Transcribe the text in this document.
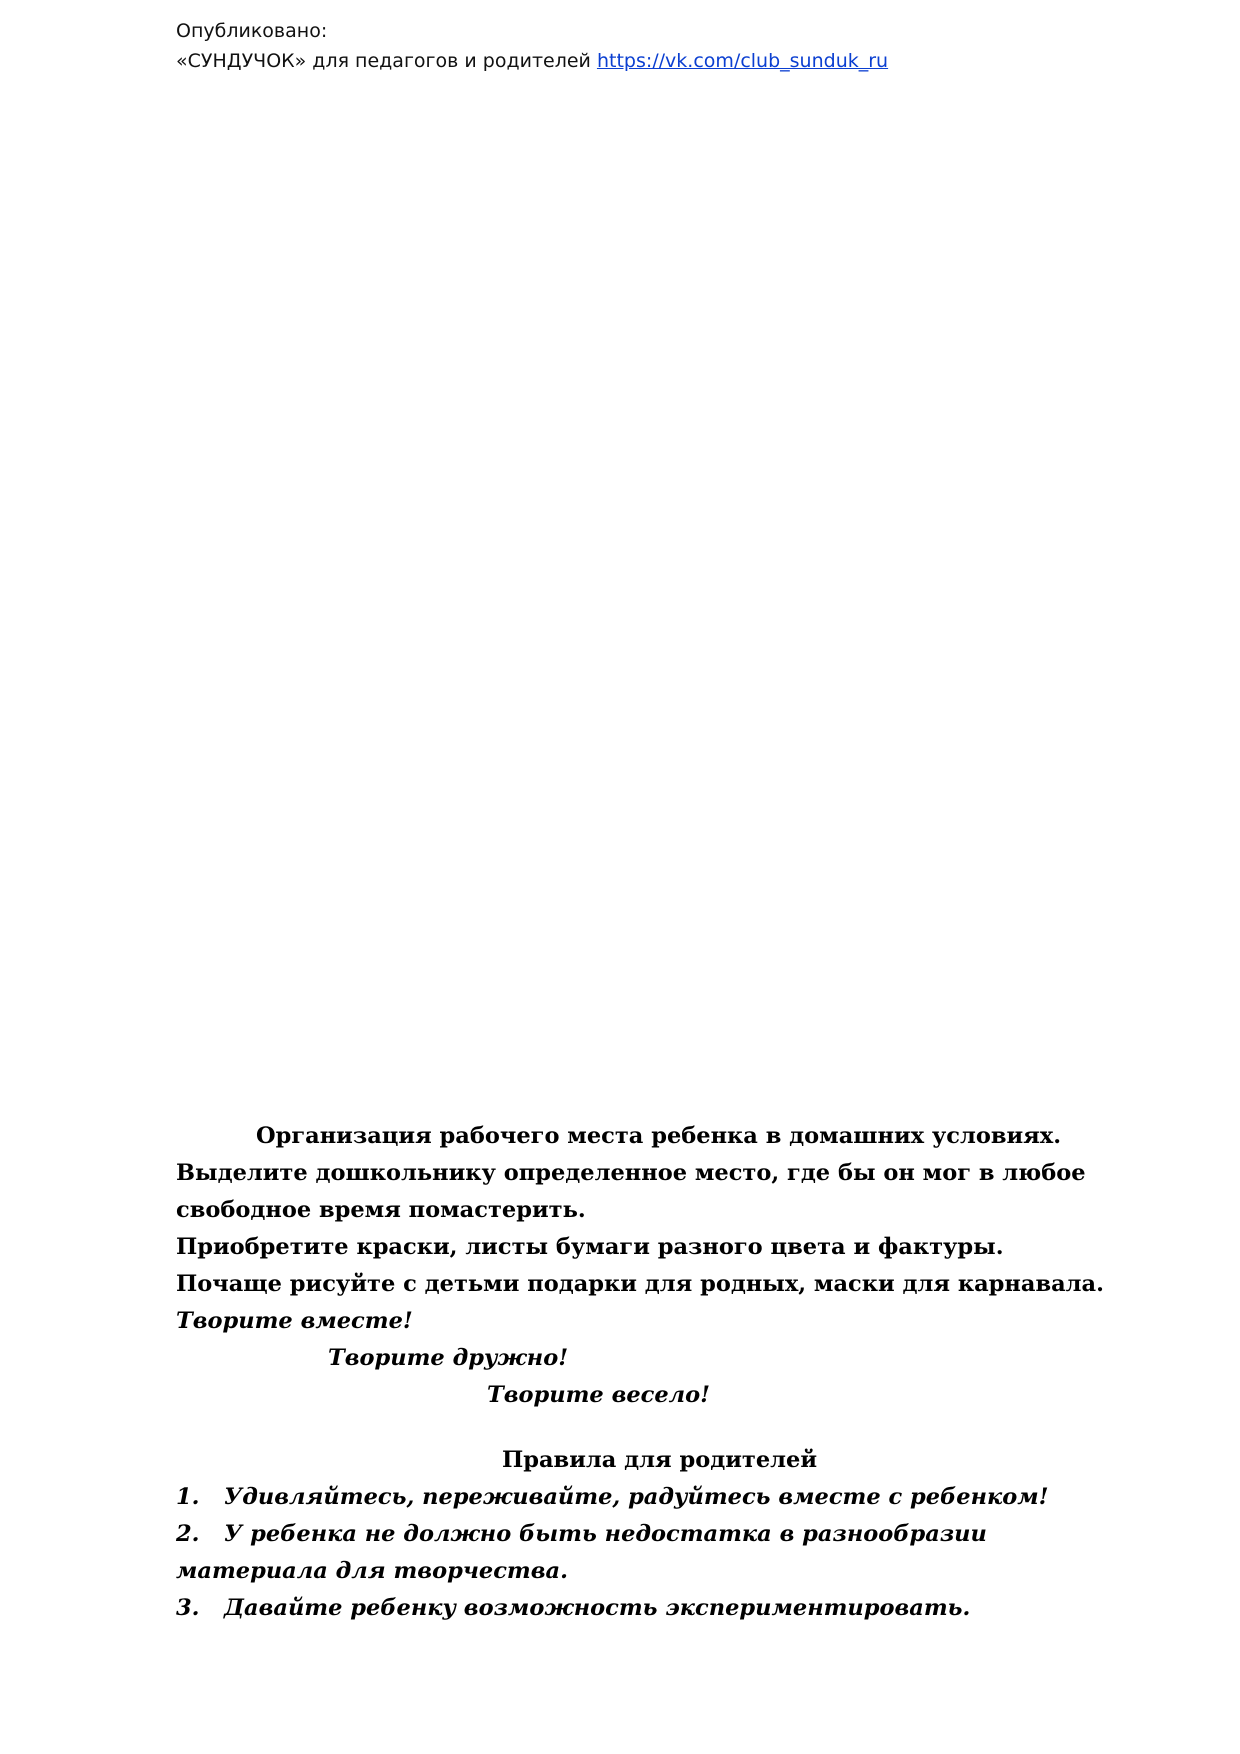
Опубликовано:
«СУНДУЧОК» для педагогов и родителей https://vk.com/club_sunduk_ru

Организация рабочего места ребенка в домашних условиях.

Выделите дошкольнику определенное место, где бы он мог в любое

свободное время помастерить.

Приобретите краски, листы бумаги разного цвета и фактуры.

Почаще рисуйте с детьми подарки для родных, маски для карнавала.

Творите вместе!

Творите дружно!

Творите весело!

Правила для родителей

1. Удивляйтесь, переживайте, радуйтесь вместе с ребенком!

2. У ребенка не должно быть недостатка в разнообразии

материала для творчества.

3. Давайте ребенку возможность экспериментировать.
